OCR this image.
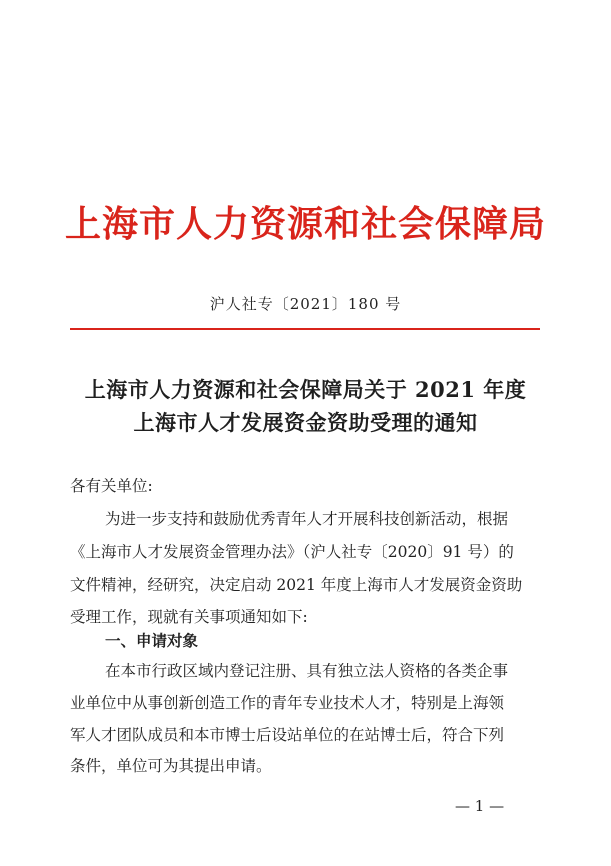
上海市人力资源和社会保障局
沪人社专〔2021〕180 号
上海市人力资源和社会保障局关于 2021 年度
上海市人才发展资金资助受理的通知
各有关单位:
为进一步支持和鼓励优秀青年人才开展科技创新活动，根据
《上海市人才发展资金管理办法》（沪人社专〔2020〕91 号）的
文件精神，经研究，决定启动 2021 年度上海市人才发展资金资助
受理工作，现就有关事项通知如下:
一、申请对象
在本市行政区域内登记注册、具有独立法人资格的各类企事
业单位中从事创新创造工作的青年专业技术人才，特别是上海领
军人才团队成员和本市博士后设站单位的在站博士后，符合下列
条件，单位可为其提出申请。
— 1 —
